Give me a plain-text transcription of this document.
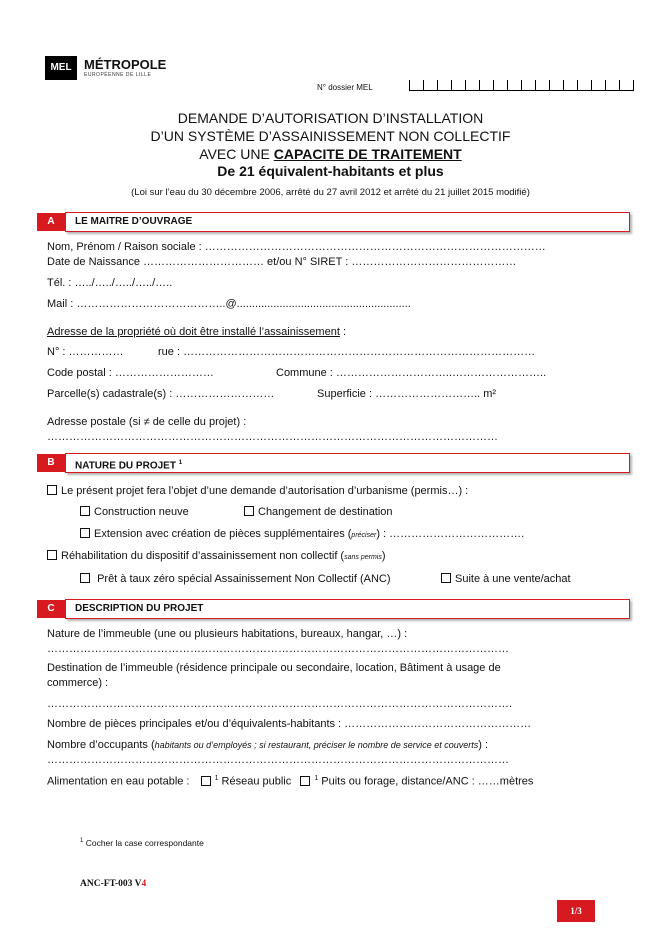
MEL MÉTROPOLE
EUROPÉENNE DE LILLE
N° dossier MEL
DEMANDE D’AUTORISATION D’INSTALLATION
D’UN SYSTÈME D’ASSAINISSEMENT NON COLLECTIF
AVEC UNE CAPACITE DE TRAITEMENT
De 21 équivalent-habitants et plus
(Loi sur l’eau du 30 décembre 2006, arrêté du 27 avril 2012 et arrêté du 21 juillet 2015 modifié)
A	LE MAITRE D’OUVRAGE
Nom, Prénom / Raison sociale : …………………………………………………………………………………
Date de Naissance …………………………… et/ou N° SIRET : ………………………………………
Tél. : …../…../…../…../…..
Mail : …………………………………..@.........................................................
Adresse de la propriété où doit être installé l’assainissement :
N° : ……………	rue : ……………………………………………………………………………………
Code postal : ………………………	Commune : …………………………..……………………..
Parcelle(s) cadastrale(s) : ………………………	Superficie : ……………………….. m²
Adresse postale (si ≠ de celle du projet) :
……………………………………………………………………………………………………………
B	NATURE DU PROJET $^1$
Le présent projet fera l’objet d’une demande d’autorisation d’urbanisme (permis…) :
Construction neuve	Changement de destination
Extension avec création de pièces supplémentaires (préciser) : ……………………………….
Réhabilitation du dispositif d’assainissement non collectif (sans permis)
Prêt à taux zéro spécial Assainissement Non Collectif (ANC)	Suite à une vente/achat
C	DESCRIPTION DU PROJET
Nature de l’immeuble (une ou plusieurs habitations, bureaux, hangar, …) :
………………………………………………………………………………………………………………
Destination de l’immeuble (résidence principale ou secondaire, location, Bâtiment à usage de
commerce) :
……………………………………………………………………………………………………………….
Nombre de pièces principales et/ou d’équivalents-habitants : ……………………………………………
Nombre d’occupants (habitants ou d’employés ; si restaurant, préciser le nombre de service et couverts) :
………………………………………………………………………………………………………………
Alimentation en eau potable :	$^1$ Réseau public	$^1$ Puits ou forage, distance/ANC : ……mètres
$^1$ Cocher la case correspondante
ANC-FT-003 V4
1/3
